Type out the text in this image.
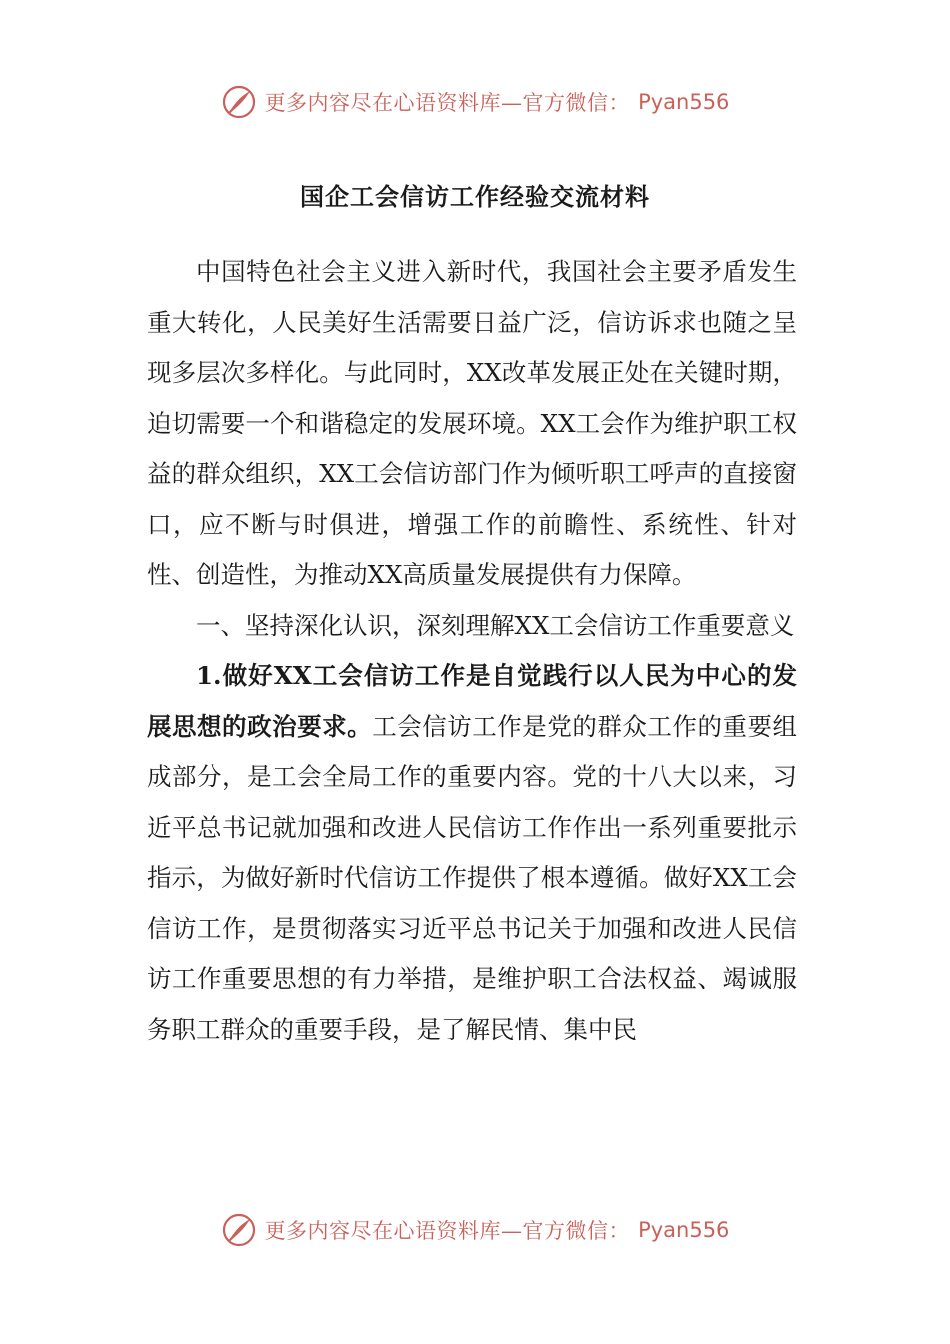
更多内容尽在心语资料库—官方微信： Pyan556
国企工会信访工作经验交流材料

中国特色社会主义进入新时代，我国社会主要矛盾发生重大转化，人民美好生活需要日益广泛，信访诉求也随之呈现多层次多样化。与此同时，XX改革发展正处在关键时期，迫切需要一个和谐稳定的发展环境。XX工会作为维护职工权益的群众组织，XX工会信访部门作为倾听职工呼声的直接窗口，应不断与时俱进，增强工作的前瞻性、系统性、针对性、创造性，为推动XX高质量发展提供有力保障。

一、坚持深化认识，深刻理解XX工会信访工作重要意义

1.做好XX工会信访工作是自觉践行以人民为中心的发展思想的政治要求。工会信访工作是党的群众工作的重要组成部分，是工会全局工作的重要内容。党的十八大以来，习近平总书记就加强和改进人民信访工作作出一系列重要批示指示，为做好新时代信访工作提供了根本遵循。做好XX工会信访工作，是贯彻落实习近平总书记关于加强和改进人民信访工作重要思想的有力举措，是维护职工合法权益、竭诚服务职工群众的重要手段，是了解民情、集中民

更多内容尽在心语资料库—官方微信： Pyan556
